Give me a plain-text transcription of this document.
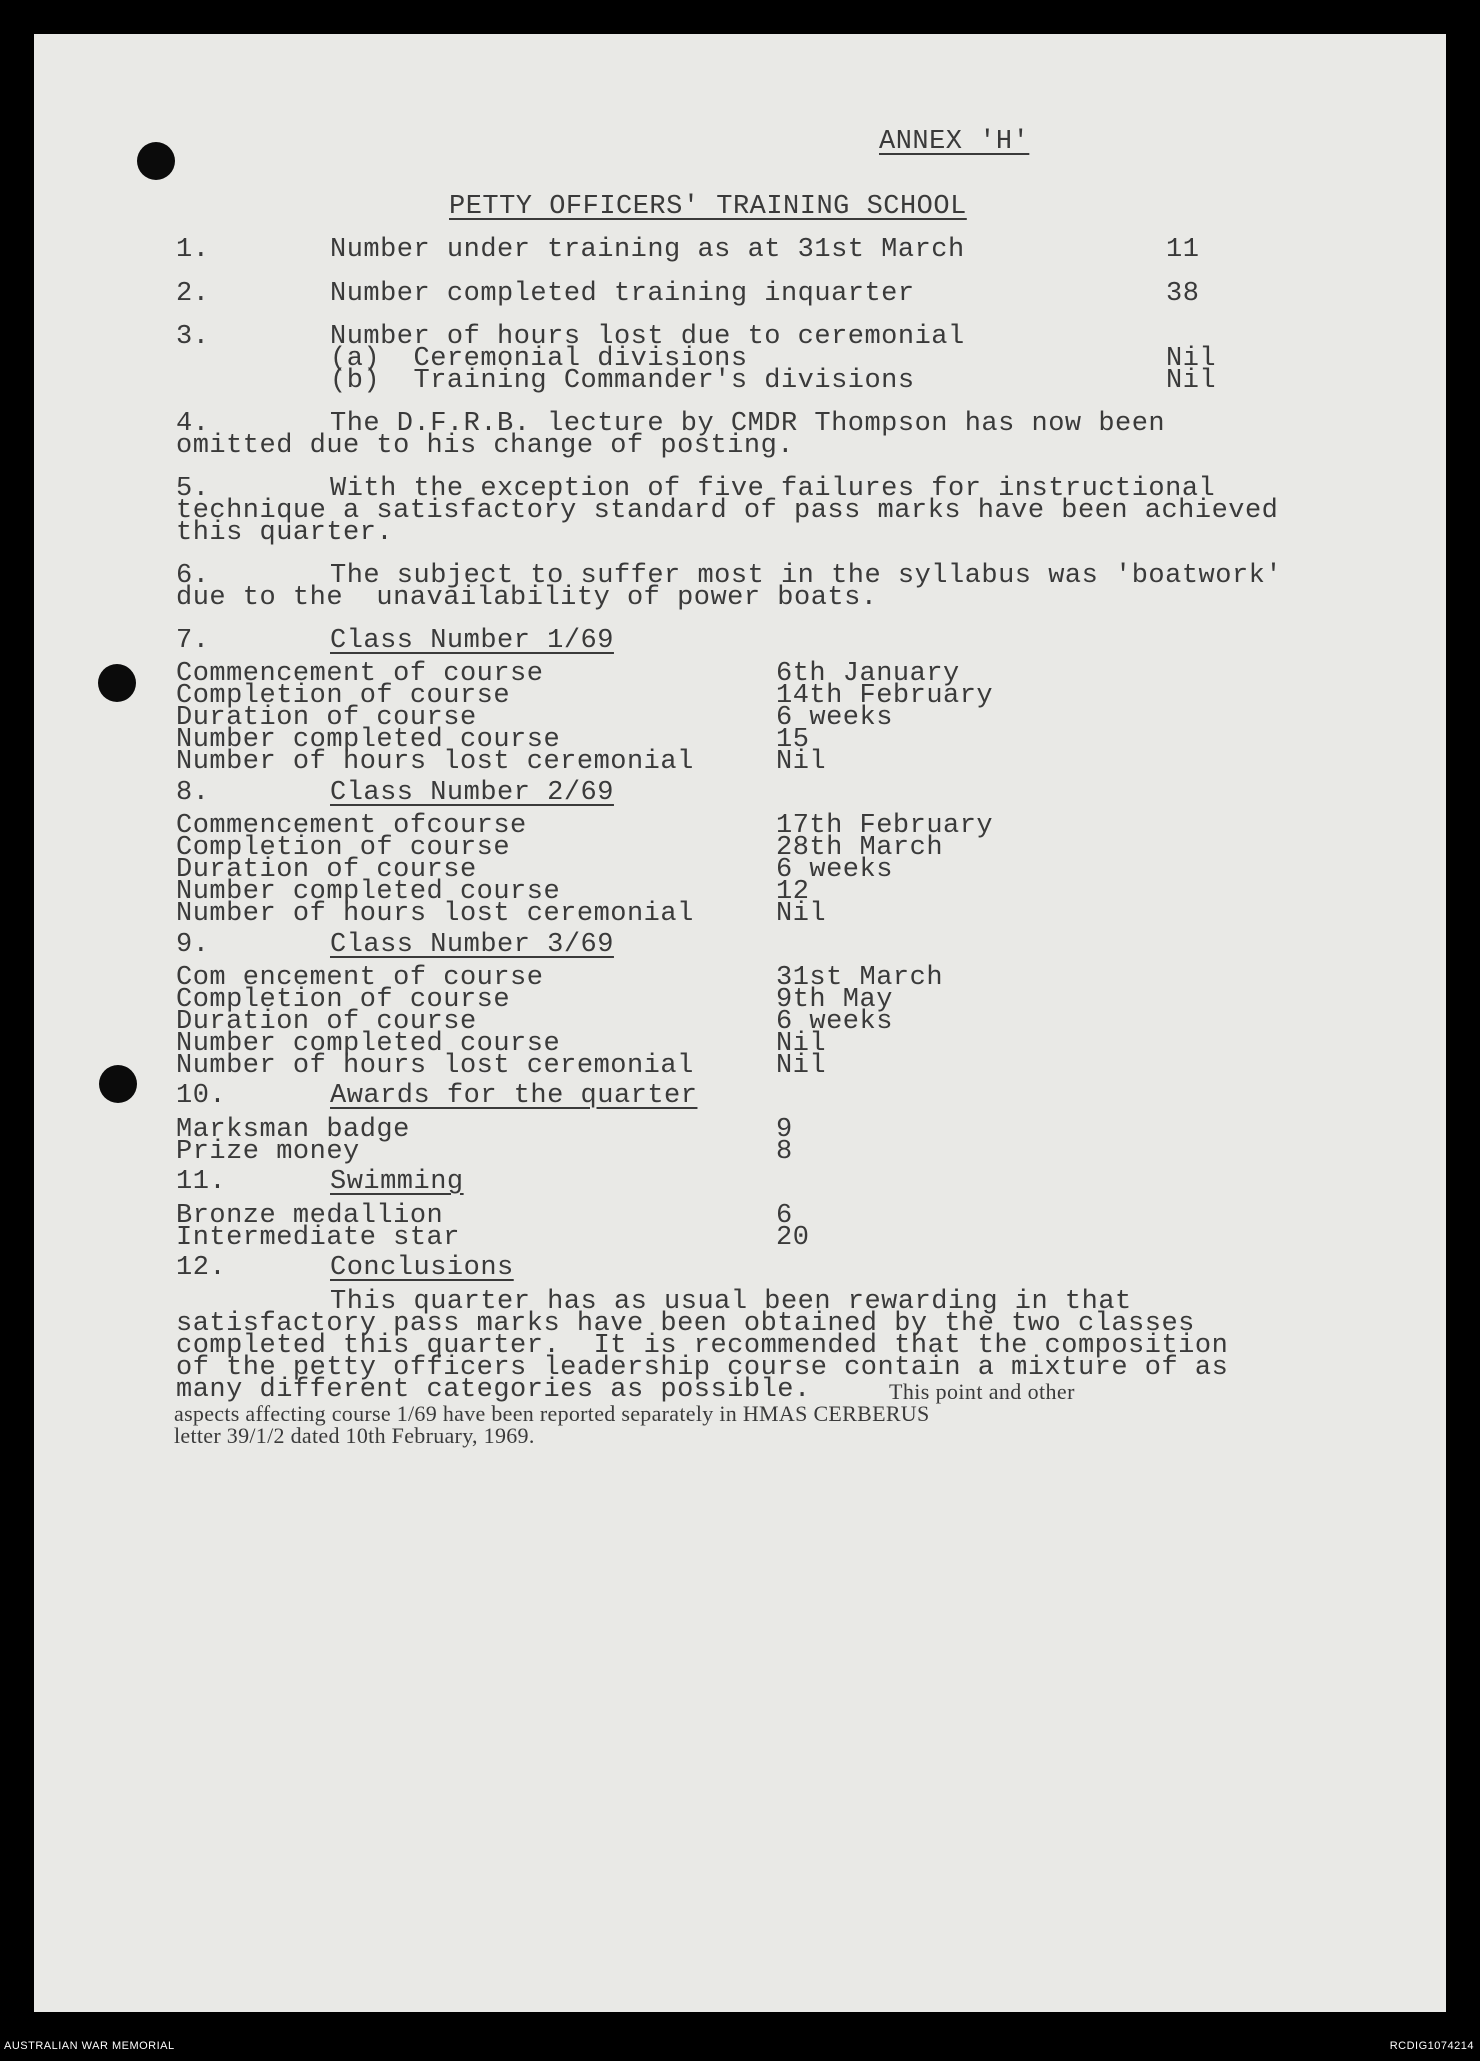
ANNEX 'H'

PETTY OFFICERS' TRAINING SCHOOL

1.	Number under training as at 31st March	11

2.	Number completed training inquarter	38

3.	Number of hours lost due to ceremonial

(a)  Ceremonial divisions	Nil

(b)  Training Commander's divisions	Nil

4.	The D.F.R.B. lecture by CMDR Thompson has now been

omitted due to his change of posting.

5.	With the exception of five failures for instructional

technique a satisfactory standard of pass marks have been achieved

this quarter.

6.	The subject to suffer most in the syllabus was 'boatwork'

due to the  unavailability of power boats.

7.	Class Number 1/69

Commencement of course	6th January

Completion of course	14th February

Duration of course	6 weeks

Number completed course	15

Number of hours lost ceremonial	Nil

8.	Class Number 2/69

Commencement ofcourse	17th February

Completion of course	28th March

Duration of course	6 weeks

Number completed course	12

Number of hours lost ceremonial	Nil

9.	Class Number 3/69

Com encement of course	31st March

Completion of course	9th May

Duration of course	6 weeks

Number completed course	Nil

Number of hours lost ceremonial	Nil

10.	Awards for the quarter

Marksman badge	9

Prize money	8

11.	Swimming

Bronze medallion	6

Intermediate star	20

12.	Conclusions

This quarter has as usual been rewarding in that

satisfactory pass marks have been obtained by the two classes

completed this quarter.  It is recommended that the composition

of the petty officers leadership course contain a mixture of as

many different categories as possible.	This point and other

aspects affecting course 1/69 have been reported separately in HMAS CERBERUS

letter 39/1/2 dated 10th February, 1969.

AUSTRALIAN WAR MEMORIAL	RCDIG1074214
